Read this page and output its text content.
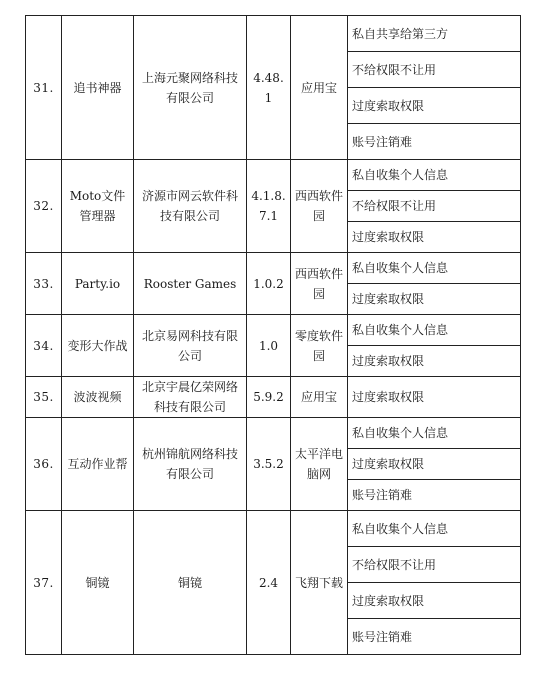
31.	追书神器	上海元聚网络科技有限公司	4.48.1	应用宝	私自共享给第三方
					不给权限不让用
					过度索取权限
					账号注销难
32.	Moto文件管理器	济源市网云软件科技有限公司	4.1.8.7.1	西西软件园	私自收集个人信息
					不给权限不让用
					过度索取权限
33.	Party.io	Rooster Games	1.0.2	西西软件园	私自收集个人信息
					过度索取权限
34.	变形大作战	北京易网科技有限公司	1.0	零度软件园	私自收集个人信息
					过度索取权限
35.	波波视频	北京宇晨亿荣网络科技有限公司	5.9.2	应用宝	过度索取权限
36.	互动作业帮	杭州锦航网络科技有限公司	3.5.2	太平洋电脑网	私自收集个人信息
					过度索取权限
					账号注销难
37.	铜镜	铜镜	2.4	飞翔下载	私自收集个人信息
					不给权限不让用
					过度索取权限
					账号注销难
